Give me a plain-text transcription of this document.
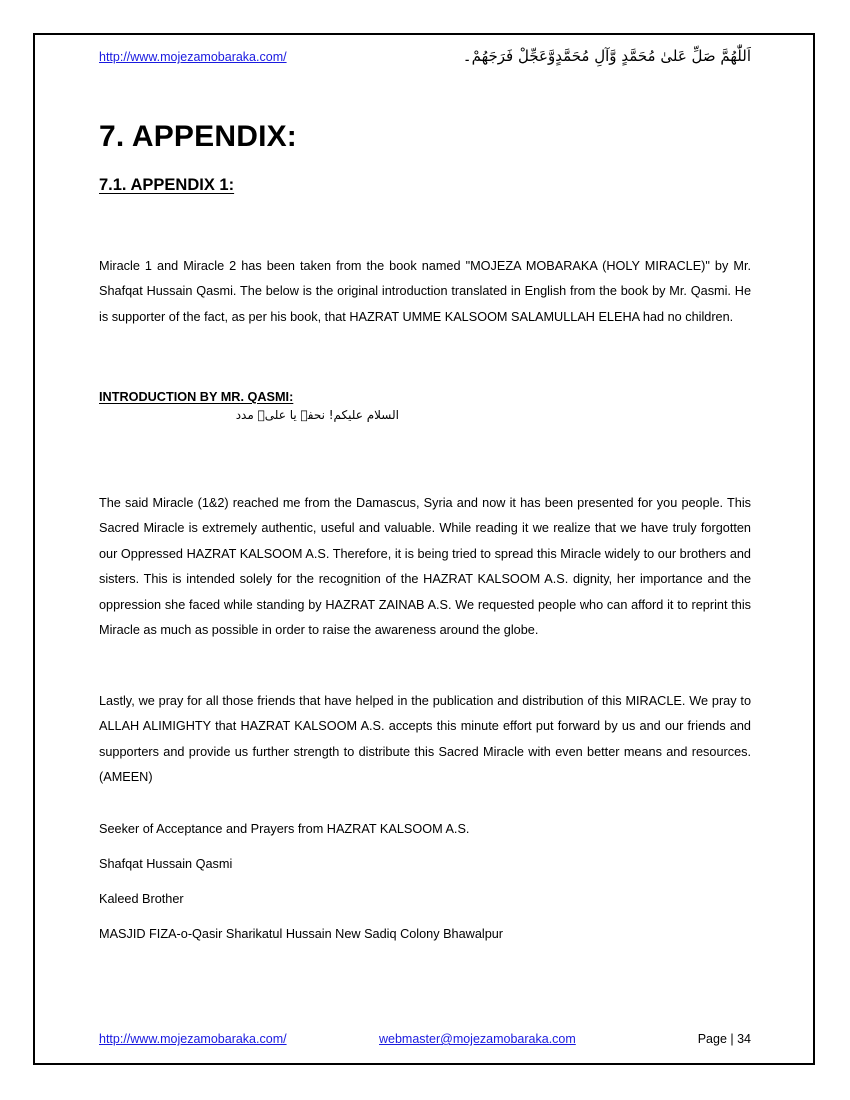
http://www.mojezamobaraka.com/	اَللّٰهُمَّ صَلِّ عَلیٰ مُحَمَّدٍ وَّآلِ مُحَمَّدٍوَّعَجِّلْ فَرَجَهُمْ۔
7. APPENDIX:
7.1. APPENDIX 1:

Miracle 1 and Miracle 2 has been taken from the book named "MOJEZA MOBARAKA (HOLY MIRACLE)" by Mr. Shafqat Hussain Qasmi. The below is the original introduction translated in English from the book by Mr. Qasmi. He is supporter of the fact, as per his book, that HAZRAT UMME KALSOOM SALAMULLAH ELEHA had no children.

INTRODUCTION BY MR. QASMI:
السلام علیکم! نحفہ یا علیؓ مدد

The said Miracle (1&2) reached me from the Damascus, Syria and now it has been presented for you people. This Sacred Miracle is extremely authentic, useful and valuable. While reading it we realize that we have truly forgotten our Oppressed HAZRAT KALSOOM A.S. Therefore, it is being tried to spread this Miracle widely to our brothers and sisters. This is intended solely for the recognition of the HAZRAT KALSOOM A.S. dignity, her importance and the oppression she faced while standing by HAZRAT ZAINAB A.S. We requested people who can afford it to reprint this Miracle as much as possible in order to raise the awareness around the globe.

Lastly, we pray for all those friends that have helped in the publication and distribution of this MIRACLE. We pray to ALLAH ALIMIGHTY that HAZRAT KALSOOM A.S. accepts this minute effort put forward by us and our friends and supporters and provide us further strength to distribute this Sacred Miracle with even better means and resources. (AMEEN)

Seeker of Acceptance and Prayers from HAZRAT KALSOOM A.S.
Shafqat Hussain Qasmi
Kaleed Brother
MASJID FIZA-o-Qasir Sharikatul Hussain New Sadiq Colony Bhawalpur
http://www.mojezamobaraka.com/	webmaster@mojezamobaraka.com	Page | 34
